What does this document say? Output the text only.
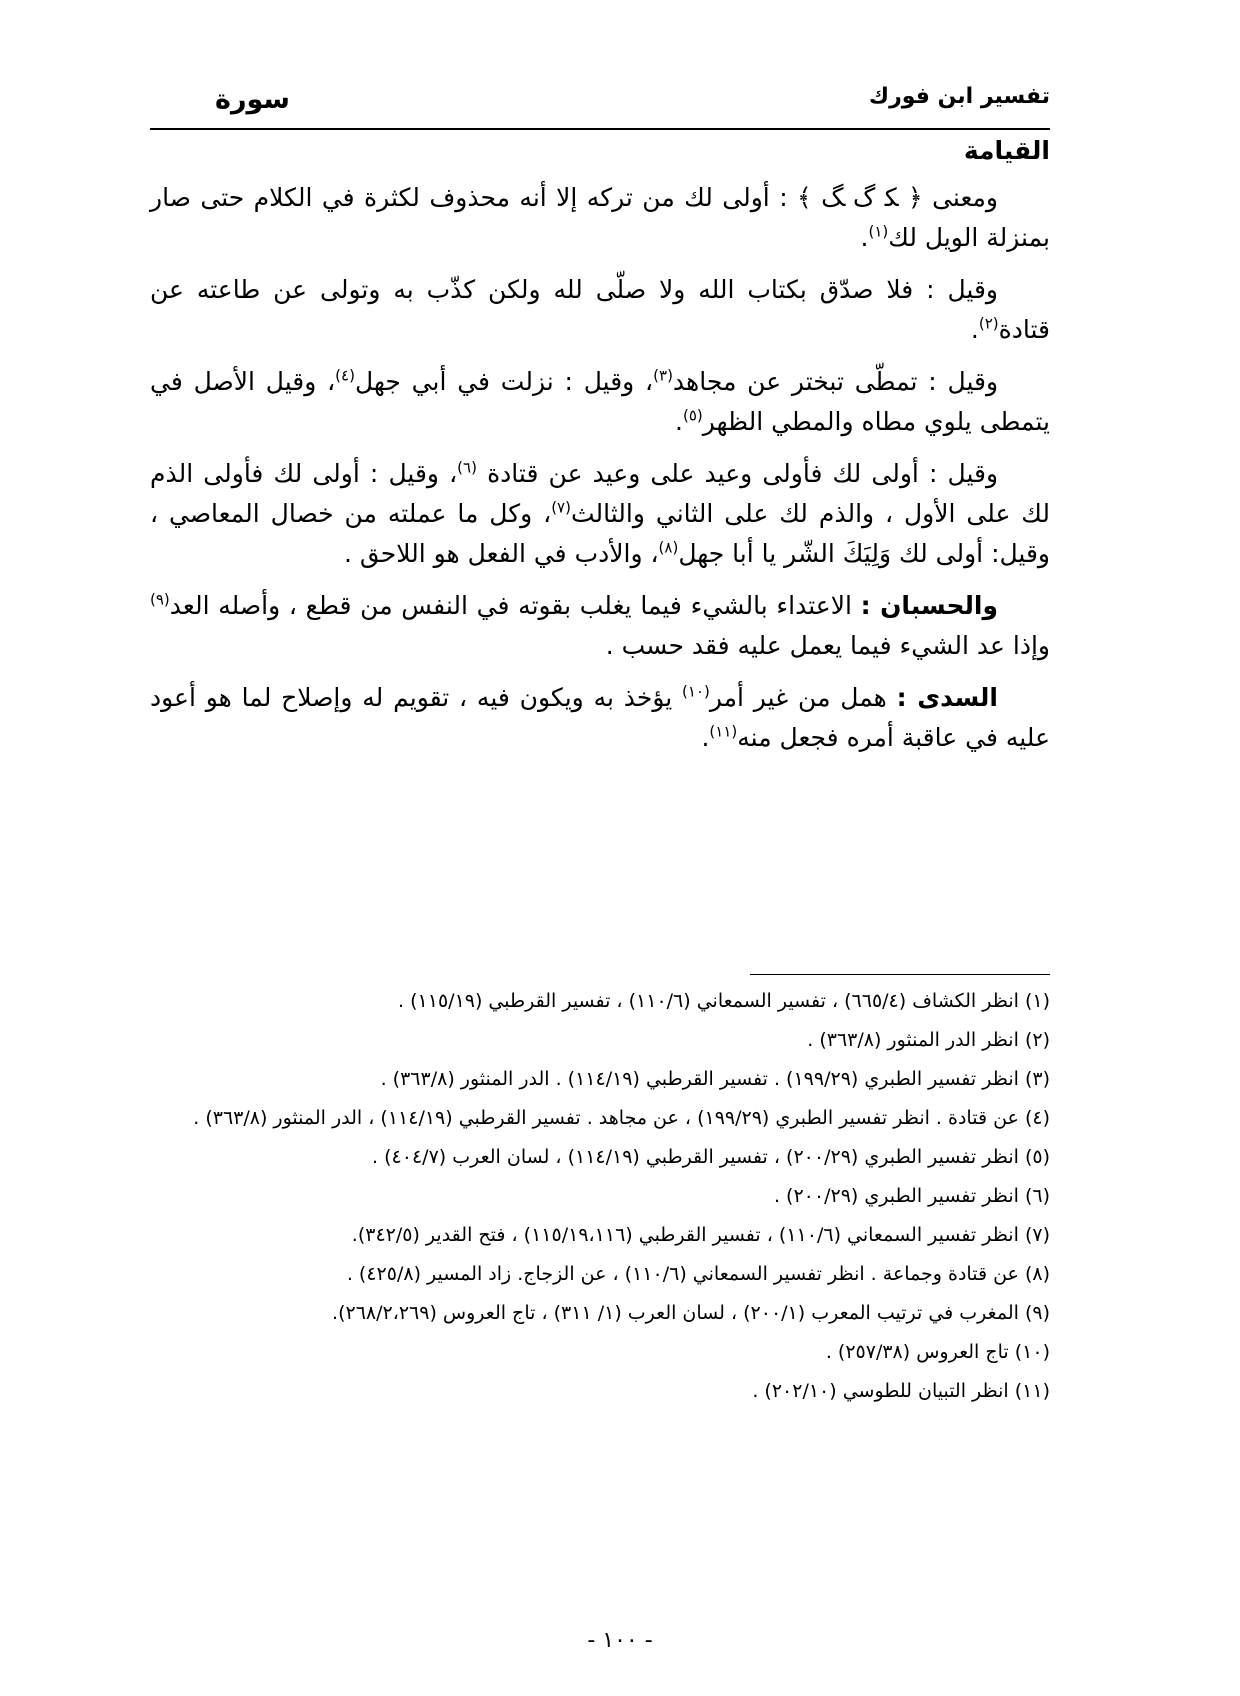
تفسير ابن فورك
سورة
القيامة

ومعنى ﴿ ﮑ ﮒ ﮓ ﴾ : أولى لك من تركه إلا أنه محذوف لكثرة في الكلام حتى صار بمنزلة الويل لك$^{(١)}$.

وقيل : فلا صدّق بكتاب الله ولا صلّى لله ولكن كذّب به وتولى عن طاعته عن قتادة$^{(٢)}$.

وقيل : تمطّى تبختر عن مجاهد$^{(٣)}$، وقيل : نزلت في أبي جهل$^{(٤)}$، وقيل الأصل في يتمطى يلوي مطاه والمطي الظهر$^{(٥)}$.

وقيل : أولى لك فأولى وعيد على وعيد عن قتادة $^{(٦)}$، وقيل : أولى لك فأولى الذم لك على الأول ، والذم لك على الثاني والثالث$^{(٧)}$، وكل ما عملته من خصال المعاصي ، وقيل: أولى لك وَلِيَكَ الشّر يا أبا جهل$^{(٨)}$، والأدب في الفعل هو اللاحق .

والحسبان : الاعتداء بالشيء فيما يغلب بقوته في النفس من قطع ، وأصله العد$^{(٩)}$ وإذا عد الشيء فيما يعمل عليه فقد حسب .

السدى : همل من غير أمر$^{(١٠)}$ يؤخذ به ويكون فيه ، تقويم له وإصلاح لما هو أعود عليه في عاقبة أمره فجعل منه$^{(١١)}$.

(١) انظر الكشاف (٦٦٥/٤) ، تفسير السمعاني (١١٠/٦) ، تفسير القرطبي (١١٥/١٩) .
(٢) انظر الدر المنثور (٣٦٣/٨) .
(٣) انظر تفسير الطبري (١٩٩/٢٩) . تفسير القرطبي (١١٤/١٩) . الدر المنثور (٣٦٣/٨) .
(٤) عن قتادة . انظر تفسير الطبري (١٩٩/٢٩) ، عن مجاهد . تفسير القرطبي (١١٤/١٩) ، الدر المنثور (٣٦٣/٨) .
(٥) انظر تفسير الطبري (٢٠٠/٢٩) ، تفسير القرطبي (١١٤/١٩) ، لسان العرب (٤٠٤/٧) .
(٦) انظر تفسير الطبري (٢٠٠/٢٩) .
(٧) انظر تفسير السمعاني (١١٠/٦) ، تفسير القرطبي (١١٥/١٩،١١٦) ، فتح القدير (٣٤٢/٥).
(٨) عن قتادة وجماعة . انظر تفسير السمعاني (١١٠/٦) ، عن الزجاج. زاد المسير (٤٢٥/٨) .
(٩) المغرب في ترتيب المعرب (٢٠٠/١) ، لسان العرب (١/ ٣١١) ، تاج العروس (٢٦٨/٢،٢٦٩).
(١٠) تاج العروس (٢٥٧/٣٨) .
(١١) انظر التبيان للطوسي (٢٠٢/١٠) .
- ١٠٠ -
